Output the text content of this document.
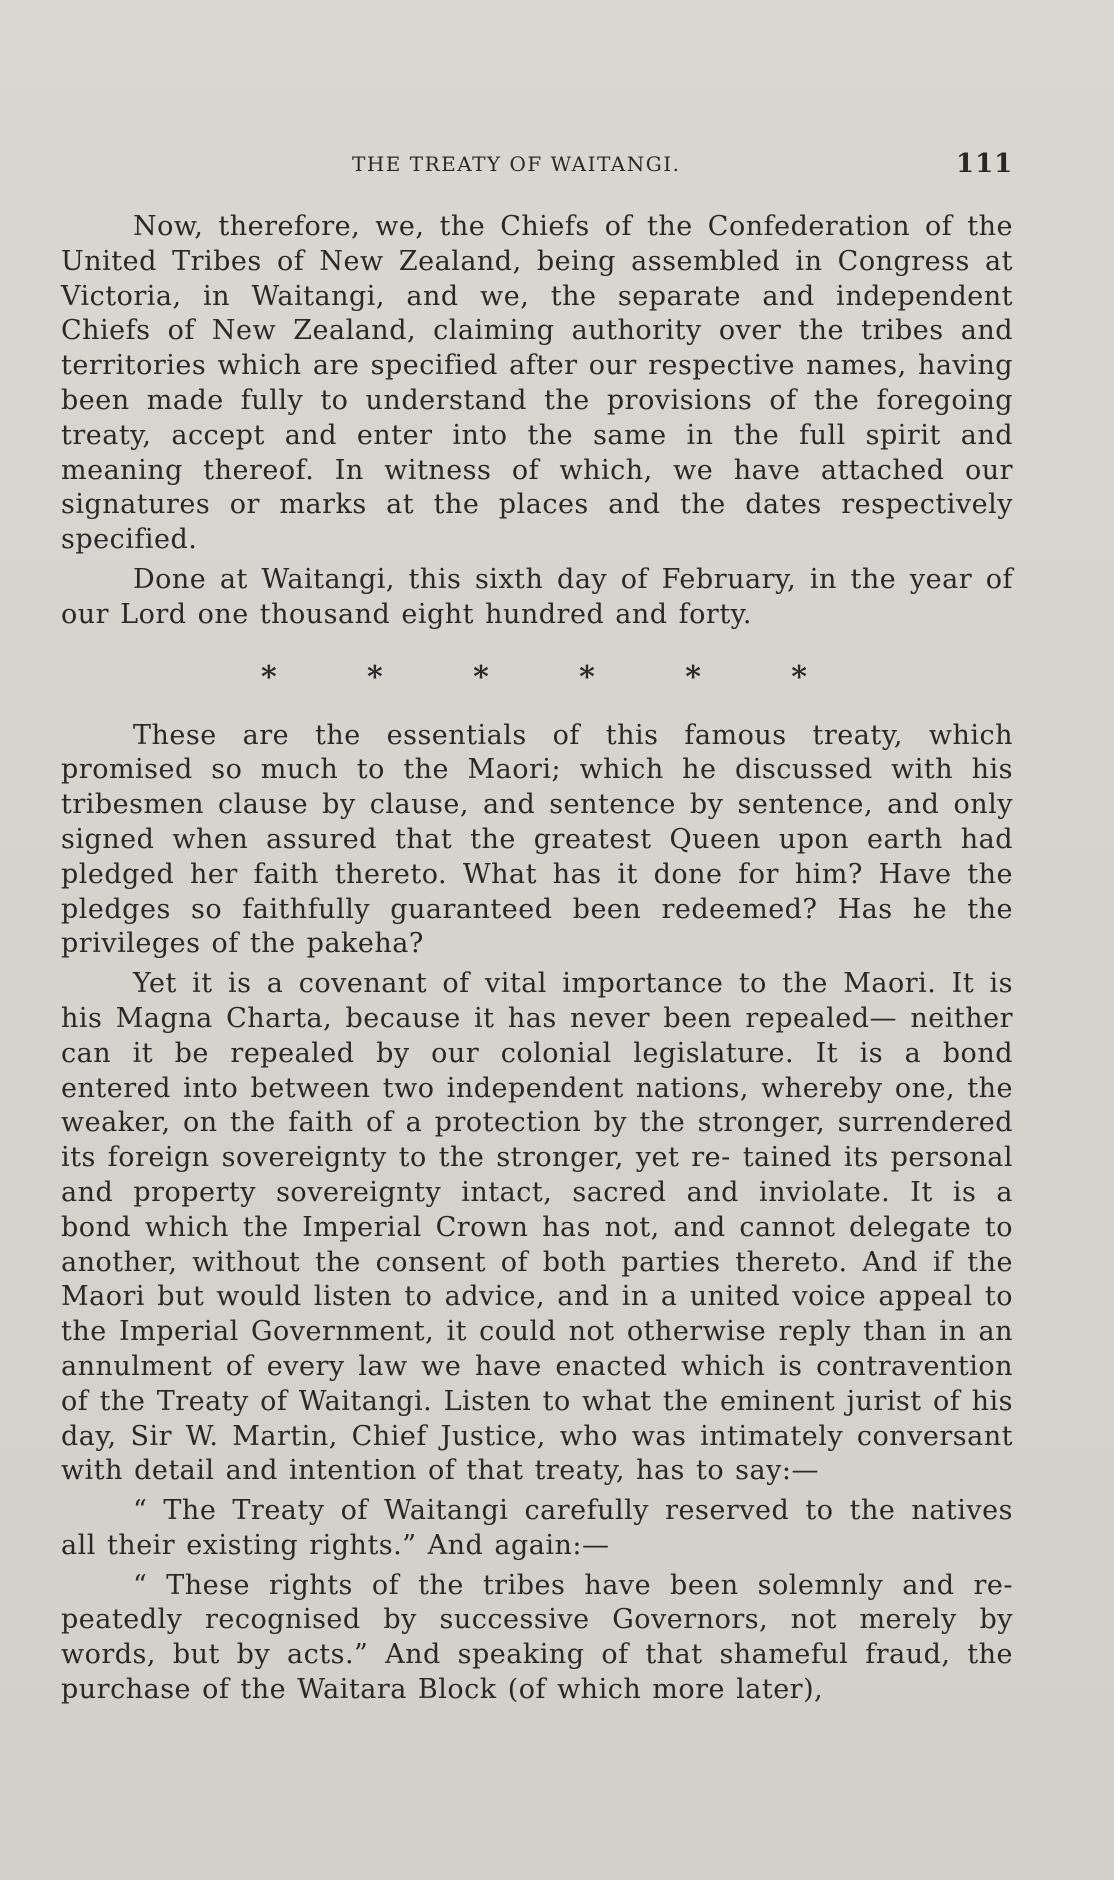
THE TREATY OF WAITANGI.	111

Now, therefore, we, the Chiefs of the Confederation of the United Tribes of New Zealand, being assembled in Congress at Victoria, in Waitangi, and we, the separate and independent Chiefs of New Zealand, claiming authority over the tribes and territories which are specified after our respective names, having been made fully to understand the provisions of the foregoing treaty, accept and enter into the same in the full spirit and meaning thereof. In witness of which, we have attached our signatures or marks at the places and the dates respectively specified.

Done at Waitangi, this sixth day of February, in the year of our Lord one thousand eight hundred and forty.

*	*	*	*	*	*

These are the essentials of this famous treaty, which promised so much to the Maori; which he discussed with his tribesmen clause by clause, and sentence by sentence, and only signed when assured that the greatest Queen upon earth had pledged her faith thereto. What has it done for him? Have the pledges so faithfully guaranteed been redeemed? Has he the privileges of the pakeha?

Yet it is a covenant of vital importance to the Maori. It is his Magna Charta, because it has never been repealed— neither can it be repealed by our colonial legislature. It is a bond entered into between two independent nations, whereby one, the weaker, on the faith of a protection by the stronger, surrendered its foreign sovereignty to the stronger, yet re- tained its personal and property sovereignty intact, sacred and inviolate. It is a bond which the Imperial Crown has not, and cannot delegate to another, without the consent of both parties thereto. And if the Maori but would listen to advice, and in a united voice appeal to the Imperial Government, it could not otherwise reply than in an annulment of every law we have enacted which is contravention of the Treaty of Waitangi. Listen to what the eminent jurist of his day, Sir W. Martin, Chief Justice, who was intimately conversant with detail and intention of that treaty, has to say:—

“ The Treaty of Waitangi carefully reserved to the natives all their existing rights.” And again:—

“ These rights of the tribes have been solemnly and re- peatedly recognised by successive Governors, not merely by words, but by acts.” And speaking of that shameful fraud, the purchase of the Waitara Block (of which more later),
